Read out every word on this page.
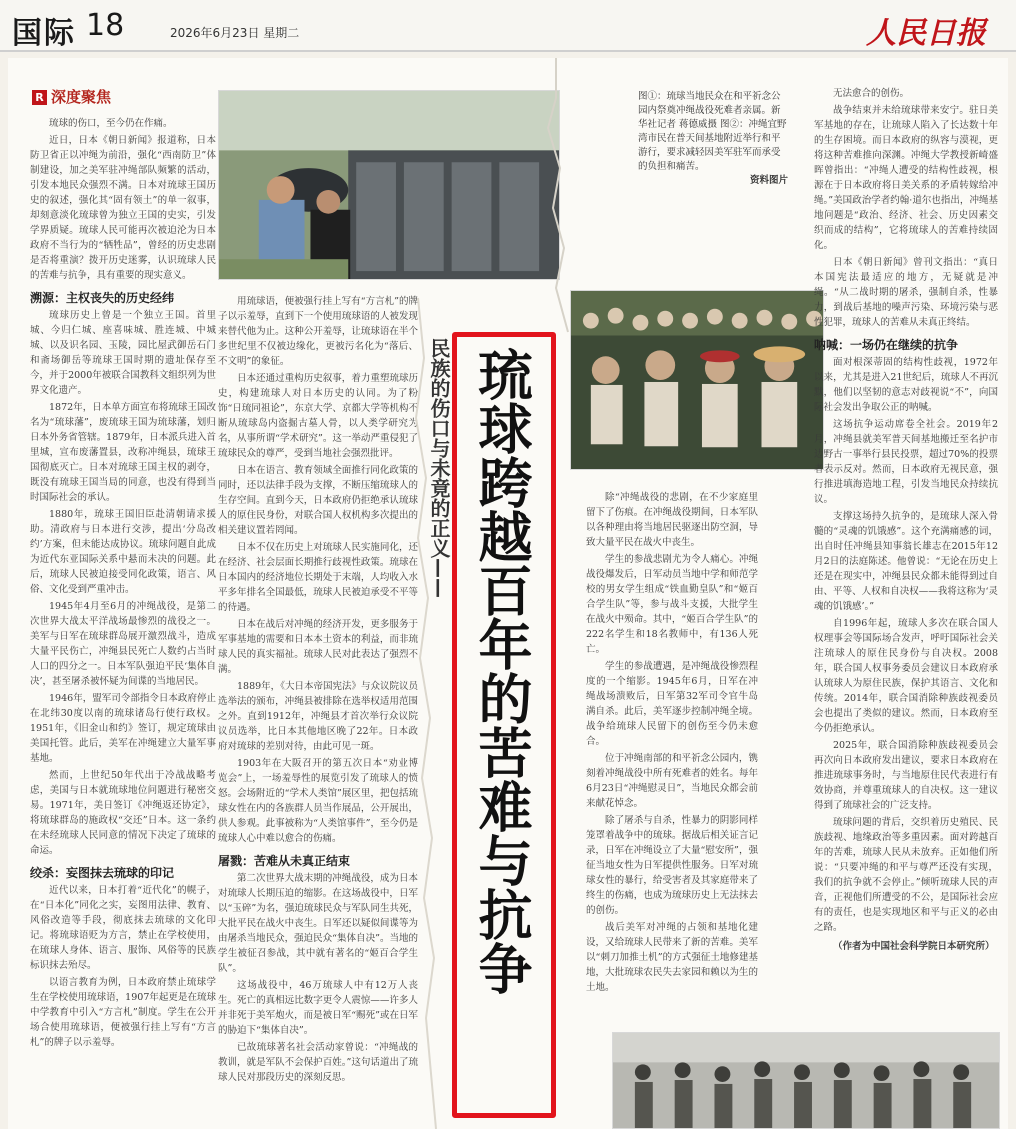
国际 18	2026年6月23日 星期二	人民日报
R 深度聚焦

琉球的伤口，至今仍在作痛。

近日，日本《朝日新闻》报道称，日本防卫省正以冲绳为前沿，强化“西南防卫”体制建设，加之美军驻冲绳部队频繁的活动，引发本地民众强烈不满。日本对琉球王国历史的叙述，强化其“固有领土”的单一叙事，却刻意淡化琉球曾为独立王国的史实，引发学界质疑。琉球人民可能再次被迫沦为日本政府不当行为的“牺牲品”，曾经的历史悲剧是否将重演？拨开历史迷雾，认识琉球人民的苦难与抗争，具有重要的现实意义。

溯源：主权丧失的历史经纬

琉球历史上曾是一个独立王国。首里城、今归仁城、座喜味城、胜连城、中城城、以及识名园、玉陵，园比屋武御岳石门和斋场御岳等琉球王国时期的遗址保存至今，并于2000年被联合国教科文组织列为世界文化遗产。

1872年，日本单方面宣布将琉球王国改名为“琉球藩”，废琉球王国为琉球藩，划归日本外务省管辖。1879年，日本派兵进入首里城，宣布废藩置县，改称冲绳县，琉球王国彻底灭亡。日本对琉球王国主权的剥夺，既没有琉球王国当局的同意，也没有得到当时国际社会的承认。

1880年，琉球王国旧臣赴清朝请求援助。清政府与日本进行交涉，提出‘分岛改约’方案，但未能达成协议。琉球问题自此成为近代东亚国际关系中悬而未决的问题。此后，琉球人民被迫接受同化政策，语言、风俗、文化受到严重冲击。

1945年4月至6月的冲绳战役，是第二次世界大战太平洋战场最惨烈的战役之一。美军与日军在琉球群岛展开激烈战斗，造成大量平民伤亡，冲绳县民死亡人数约占当时人口的四分之一。日本军队强迫平民‘集体自决’，甚至屠杀被怀疑为间谍的当地居民。

1946年，盟军司令部指令日本政府停止在北纬30度以南的琉球诸岛行使行政权。1951年，《旧金山和约》签订，规定琉球由美国托管。此后，美军在冲绳建立大量军事基地。

然而，上世纪50年代出于冷战战略考虑，美国与日本就琉球地位问题进行秘密交易。1971年，美日签订《冲绳返还协定》，将琉球群岛的施政权“交还”日本。这一条约在未经琉球人民同意的情况下决定了琉球的命运。

绞杀：妄图抹去琉球的印记

近代以来，日本打着“近代化”的幌子，在“日本化”同化之实，妄图用法律、教育、风俗改造等手段，彻底抹去琉球的文化印记。将琉球语贬为方言，禁止在学校使用，在琉球人身体、语言、服饰、风俗等的民族标识抹去殆尽。

以语言教育为例，日本政府禁止琉球学生在学校使用琉球语，1907年起更是在琉球中学教育中引入“方言札”制度。学生在公开场合使用琉球语，便被强行挂上写有“方言札”的牌子以示羞辱。

图①：琉球当地民众在和平祈念公园内祭奠冲绳战役死难者亲属。新华社记者 蒋德威摄 图②：冲绳宜野湾市民在普天间基地附近举行和平游行，要求减轻因美军驻军而承受的负担和痛苦。
资料图片

用琉球语，便被强行挂上写有“方言札”的牌子以示羞辱，直到下一个使用琉球语的人被发现来替代他为止。这种公开羞辱，让琉球语在半个多世纪里不仅被边缘化，更被污名化为“落后、不文明”的象征。

日本还通过重构历史叙事，着力重塑琉球历史，构建琉球人对日本历史的认同。为了粉饰“日琉同祖论”，东京大学、京都大学等机构不断从琉球岛内盗掘古墓人骨，以人类学研究为名，从事所谓“学术研究”。这一举动严重侵犯了琉球民众的尊严，受到当地社会强烈批评。

日本在语言、教育领域全面推行同化政策的同时，还以法律手段为支撑，不断压缩琉球人的生存空间。直到今天，日本政府仍拒绝承认琉球人的原住民身份，对联合国人权机构多次提出的相关建议置若罔闻。

日本不仅在历史上对琉球人民实施同化，还在经济、社会层面长期推行歧视性政策。琉球在日本国内的经济地位长期处于末端，人均收入水平多年排名全国最低，琉球人民被迫承受不平等的待遇。

日本在战后对冲绳的经济开发，更多服务于军事基地的需要和日本本土资本的利益，而非琉球人民的真实福祉。琉球人民对此表达了强烈不满。

1889年，《大日本帝国宪法》与众议院议员选举法的颁布，冲绳县被排除在选举权适用范围之外。直到1912年，冲绳县才首次举行众议院议员选举，比日本其他地区晚了22年。日本政府对琉球的差别对待，由此可见一斑。

1903年在大阪召开的第五次日本“劝业博览会”上，一场羞辱性的展览引发了琉球人的愤怒。会场附近的“学术人类馆”展区里，把包括琉球女性在内的各族群人员当作展品，公开展出，供人参观。此事被称为“人类馆事件”，至今仍是琉球人心中难以愈合的伤痛。

屠戮：苦难从未真正结束

第二次世界大战末期的冲绳战役，成为日本对琉球人长期压迫的缩影。在这场战役中，日军以“玉碎”为名，强迫琉球民众与军队同生共死，大批平民在战火中丧生。日军还以疑似间谍等为由屠杀当地民众，强迫民众“集体自决”。当地的学生被征召参战，其中就有著名的“姬百合学生队”。

这场战役中，46万琉球人中有12万人丧生。死亡的真相远比数字更令人震惊——许多人并非死于美军炮火，而是被日军“赐死”或在日军的胁迫下“集体自决”。

已故琉球著名社会活动家曾说：“冲绳战的教训，就是军队不会保护百姓。”这句话道出了琉球人民对那段历史的深刻反思。

民族的伤口与未竟的正义—— 琉球跨越百年的苦难与抗争	除“冲绳战役的悲剧，在不少家庭里留下了伤痕。在冲绳战役期间，日本军队以各种理由将当地居民驱逐出防空洞，导致大量平民在战火中丧生。

学生的参战悲剧尤为令人痛心。冲绳战役爆发后，日军动员当地中学和师范学校的男女学生组成“铁血勤皇队”和“姬百合学生队”等，参与战斗支援，大批学生在战火中殒命。其中，“姬百合学生队”的222名学生和18名教师中，有136人死亡。

学生的参战遭遇，是冲绳战役惨烈程度的一个缩影。1945年6月，日军在冲绳战场溃败后，日军第32军司令官牛岛满自杀。此后，美军逐步控制冲绳全境。战争给琉球人民留下的创伤至今仍未愈合。

位于冲绳南部的和平祈念公园内，镌刻着冲绳战役中所有死难者的姓名。每年6月23日“冲绳慰灵日”，当地民众都会前来献花悼念。

除了屠杀与自杀，性暴力的阴影同样笼罩着战争中的琉球。据战后相关证言记录，日军在冲绳设立了大量“慰安所”，强征当地女性为日军提供性服务。日军对琉球女性的暴行，给受害者及其家庭带来了终生的伤痛，也成为琉球历史上无法抹去的创伤。

战后美军对冲绳的占领和基地化建设，又给琉球人民带来了新的苦难。美军以“刺刀加推土机”的方式强征土地修建基地，大批琉球农民失去家园和赖以为生的土地。

无法愈合的创伤。

战争结束并未给琉球带来安宁。驻日美军基地的存在，让琉球人陷入了长达数十年的生存困境。而日本政府的纵容与漠视，更将这种苦难推向深渊。冲绳大学教授新崎盛晖曾指出：“冲绳人遭受的结构性歧视，根源在于日本政府将日美关系的矛盾转嫁给冲绳。”美国政治学者约翰·道尔也指出，冲绳基地问题是“政治、经济、社会、历史因素交织而成的结构”，它将琉球人的苦难持续固化。

日本《朝日新闻》曾刊文指出：“真日本国宪法最适应的地方，无疑就是冲绳。“从二战时期的屠杀，强制自杀，性暴力，到战后基地的噪声污染、环境污染与恶性犯罪，琉球人的苦难从未真正终结。

呐喊：一场仍在继续的抗争

面对根深蒂固的结构性歧视，1972年以来，尤其是进入21世纪后，琉球人不再沉默，他们以坚韧的意志对歧视说“不”，向国际社会发出争取公正的呐喊。

这场抗争运动席卷全社会。2019年2月，冲绳县就美军普天间基地搬迁至名护市边野古一事举行县民投票，超过70%的投票者表示反对。然而，日本政府无视民意，强行推进填海造地工程，引发当地民众持续抗议。

支撑这场持久抗争的，是琉球人深入骨髓的“灵魂的饥饿感”。这个充满痛感的词，出自时任冲绳县知事翁长雄志在2015年12月2日的法庭陈述。他曾说：“无论在历史上还是在现实中，冲绳县民众都未能得到过自由、平等、人权和自决权——我将这称为‘灵魂的饥饿感’。”

自1996年起，琉球人多次在联合国人权理事会等国际场合发声，呼吁国际社会关注琉球人的原住民身份与自决权。2008年，联合国人权事务委员会建议日本政府承认琉球人为原住民族，保护其语言、文化和传统。2014年，联合国消除种族歧视委员会也提出了类似的建议。然而，日本政府至今仍拒绝承认。

2025年，联合国消除种族歧视委员会再次向日本政府发出建议，要求日本政府在推进琉球事务时，与当地原住民代表进行有效协商，并尊重琉球人的自决权。这一建议得到了琉球社会的广泛支持。

琉球问题的背后，交织着历史殖民、民族歧视、地缘政治等多重因素。面对跨越百年的苦难，琉球人民从未放弃。正如他们所说：“只要冲绳的和平与尊严还没有实现，我们的抗争就不会停止。”倾听琉球人民的声音，正视他们所遭受的不公，是国际社会应有的责任，也是实现地区和平与正义的必由之路。

（作者为中国社会科学院日本研究所）
